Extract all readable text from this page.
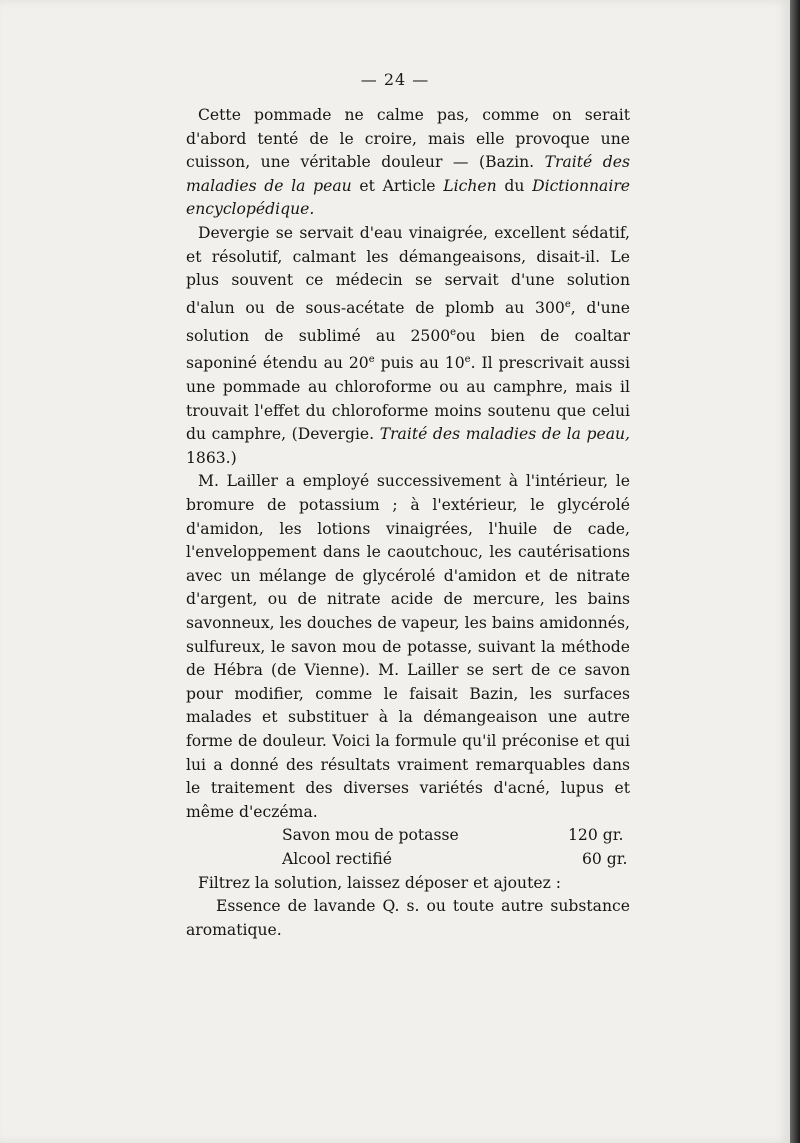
— 24 —

Cette pommade ne calme pas, comme on serait d'abord tenté de le croire, mais elle provoque une cuisson, une véritable douleur — (Bazin. Traité des maladies de la peau et Article Lichen du Dictionnaire encyclopédique.

Devergie se servait d'eau vinaigrée, excellent sédatif, et résolutif, calmant les démangeaisons, disait-il. Le plus souvent ce médecin se servait d'une solution d'alun ou de sous-acétate de plomb au 300e, d'une solution de sublimé au 2500eou bien de coaltar saponiné étendu au 20e puis au 10e. Il prescrivait aussi une pommade au chloroforme ou au camphre, mais il trouvait l'effet du chloroforme moins soutenu que celui du camphre, (Devergie. Traité des maladies de la peau, 1863.)

M. Lailler a employé successivement à l'intérieur, le bromure de potassium ; à l'extérieur, le glycérolé d'amidon, les lotions vinaigrées, l'huile de cade, l'enveloppement dans le caoutchouc, les cautérisations avec un mélange de glycérolé d'amidon et de nitrate d'argent, ou de nitrate acide de mercure, les bains savonneux, les douches de vapeur, les bains amidonnés, sulfureux, le savon mou de potasse, suivant la méthode de Hébra (de Vienne). M. Lailler se sert de ce savon pour modifier, comme le faisait Bazin, les surfaces malades et substituer à la démangeaison une autre forme de douleur. Voici la formule qu'il préconise et qui lui a donné des résultats vraiment remarquables dans le traitement des diverses variétés d'acné, lupus et même d'eczéma.

Savon mou de potasse	120 gr.
Alcool rectifié	60 gr.

Filtrez la solution, laissez déposer et ajoutez :

Essence de lavande Q. s. ou toute autre substance aromatique.
